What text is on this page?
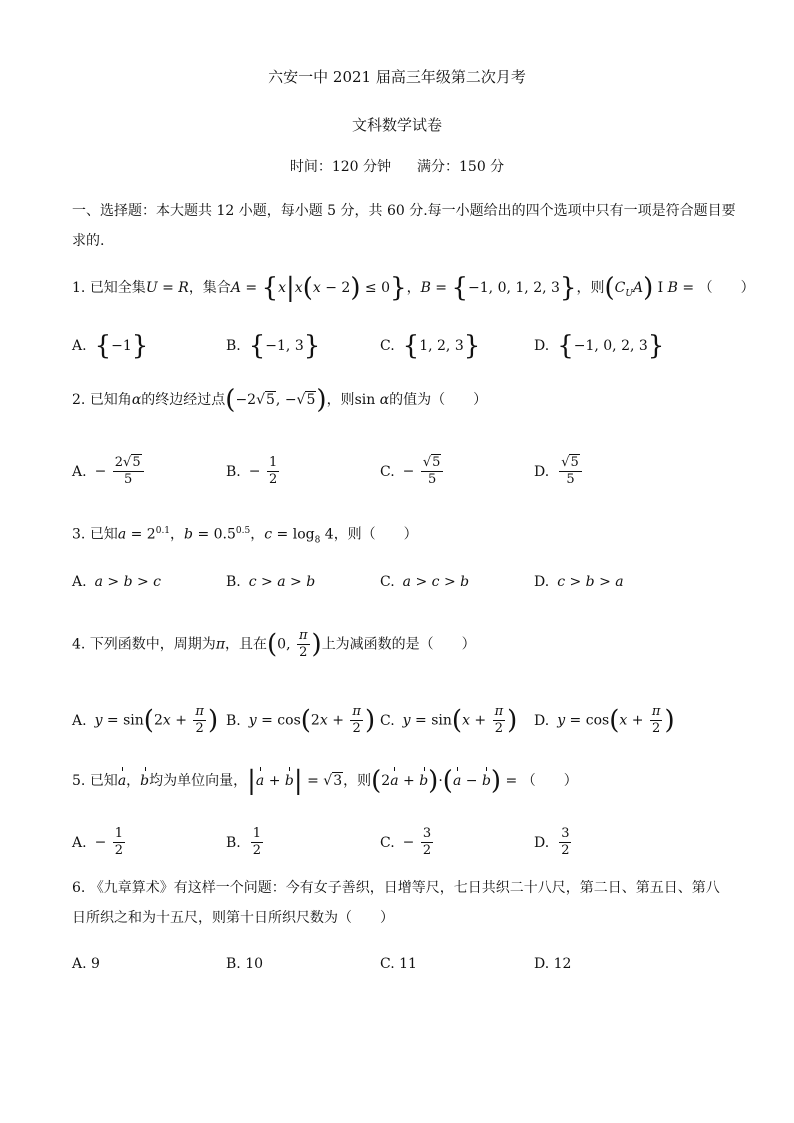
六安一中 2021 届高三年级第二次月考
文科数学试卷
时间：120 分钟 满分：150 分
一、选择题：本大题共 12 小题，每小题 5 分，共 60 分.每一小题给出的四个选项中只有一项是符合题目要
求的.
1. 已知全集U = R，集合A = {x|x(x − 2) ≤ 0}，B = {−1, 0, 1, 2, 3}，则$(C_UA)$ I B = （　　）
A. {−1}	B. {−1, 3}	C. {1, 2, 3}	D. {−1, 0, 2, 3}
2. 已知角α的终边经过点(−2√5, −√5)，则sin α的值为（　　）
A. − $\frac{2√5}{5}$	B. − $\frac{1}{2}$	C. − $\frac{√5}{5}$	D. $\frac{√5}{5}$
3. 已知$a = 2^{0.1}$，$b = 0.5^{0.5}$，$c = \log_8 4$，则（　　）
A. a > b > c	B. c > a > b	C. a > c > b	D. c > b > a
4. 下列函数中，周期为π，且在(0, $\frac{\pi}{2}$ )上为减函数的是（　　）
A. $y = \sin(2x + \frac{\pi}{2}$ ) B. $y = \cos(2x + \frac{\pi}{2}$ ) C. $y = \sin(x + \frac{\pi}{2}$ ) D. $y = \cos(x + \frac{\pi}{2}$ )
5. 已知a，b均为单位向量，|a + b| = √3，则(2a + b)·(a − b) = （　　）
A. − $\frac{1}{2}$	B. $\frac{1}{2}$	C. − $\frac{3}{2}$	D. $\frac{3}{2}$
6. 《九章算术》有这样一个问题：今有女子善织，日增等尺，七日共织二十八尺，第二日、第五日、第八
日所织之和为十五尺，则第十日所织尺数为（　　）
A. 9	B. 10	C. 11	D. 12
